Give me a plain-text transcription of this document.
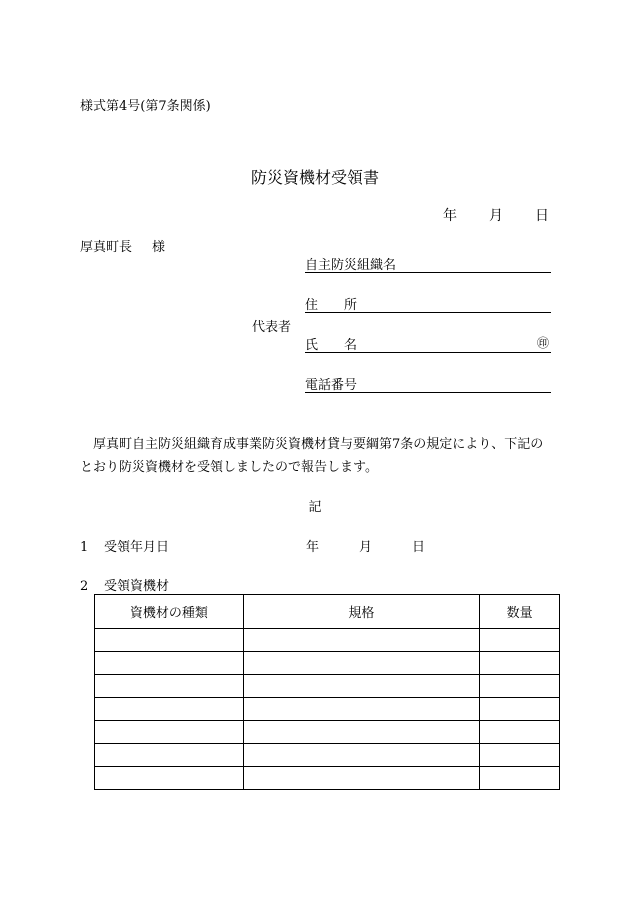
様式第4号(第7条関係)
防災資機材受領書
年 月 日
厚真町長 様
自主防災組織名
住　　所
代表者
氏　　名	㊞
電話番号
厚真町自主防災組織育成事業防災資機材貸与要綱第7条の規定により、下記のとおり防災資機材を受領しましたので報告します。
記
1 受領年月日	年	月	日
2 受領資機材
資機材の種類	規格	数量
